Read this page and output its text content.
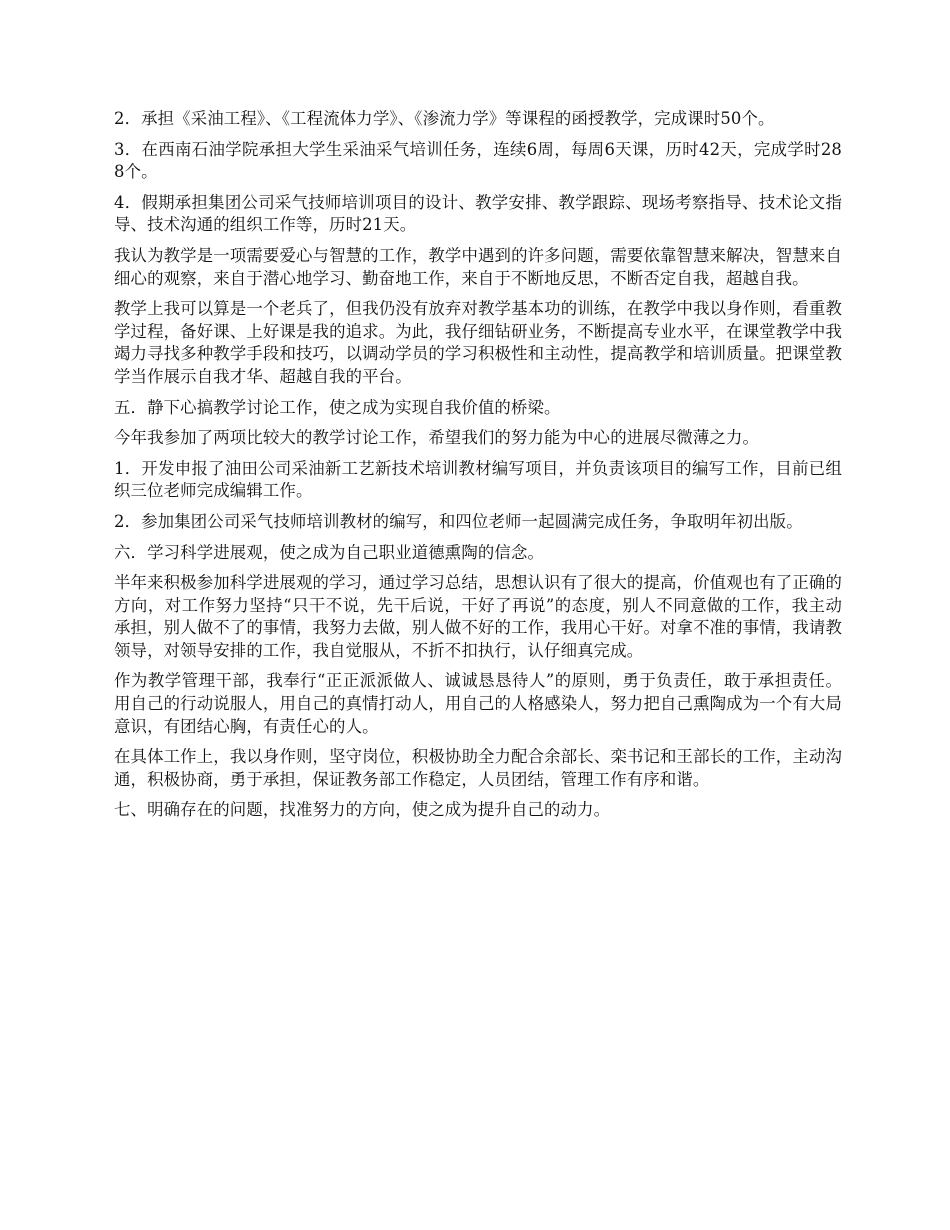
2．承担《采油工程》、《工程流体力学》、《渗流力学》等课程的函授教学，完成课时50个。

3．在西南石油学院承担大学生采油采气培训任务，连续6周，每周6天课，历时42天，完成学时288个。

4．假期承担集团公司采气技师培训项目的设计、教学安排、教学跟踪、现场考察指导、技术论文指导、技术沟通的组织工作等，历时21天。

我认为教学是一项需要爱心与智慧的工作，教学中遇到的许多问题，需要依靠智慧来解决，智慧来自细心的观察，来自于潜心地学习、勤奋地工作，来自于不断地反思，不断否定自我，超越自我。

教学上我可以算是一个老兵了，但我仍没有放弃对教学基本功的训练，在教学中我以身作则，看重教学过程，备好课、上好课是我的追求。为此，我仔细钻研业务，不断提高专业水平，在课堂教学中我竭力寻找多种教学手段和技巧，以调动学员的学习积极性和主动性，提高教学和培训质量。把课堂教学当作展示自我才华、超越自我的平台。

五．静下心搞教学讨论工作，使之成为实现自我价值的桥梁。

今年我参加了两项比较大的教学讨论工作，希望我们的努力能为中心的进展尽微薄之力。

1．开发申报了油田公司采油新工艺新技术培训教材编写项目，并负责该项目的编写工作，目前已组织三位老师完成编辑工作。

2．参加集团公司采气技师培训教材的编写，和四位老师一起圆满完成任务，争取明年初出版。

六．学习科学进展观，使之成为自己职业道德熏陶的信念。

半年来积极参加科学进展观的学习，通过学习总结，思想认识有了很大的提高，价值观也有了正确的方向，对工作努力坚持“只干不说，先干后说，干好了再说”的态度，别人不同意做的工作，我主动承担，别人做不了的事情，我努力去做，别人做不好的工作，我用心干好。对拿不准的事情，我请教领导，对领导安排的工作，我自觉服从，不折不扣执行，认仔细真完成。

作为教学管理干部，我奉行“正正派派做人、诚诚恳恳待人”的原则，勇于负责任，敢于承担责任。用自己的行动说服人，用自己的真情打动人，用自己的人格感染人，努力把自己熏陶成为一个有大局意识，有团结心胸，有责任心的人。

在具体工作上，我以身作则，坚守岗位，积极协助全力配合余部长、栾书记和王部长的工作，主动沟通，积极协商，勇于承担，保证教务部工作稳定，人员团结，管理工作有序和谐。

七、明确存在的问题，找准努力的方向，使之成为提升自己的动力。
